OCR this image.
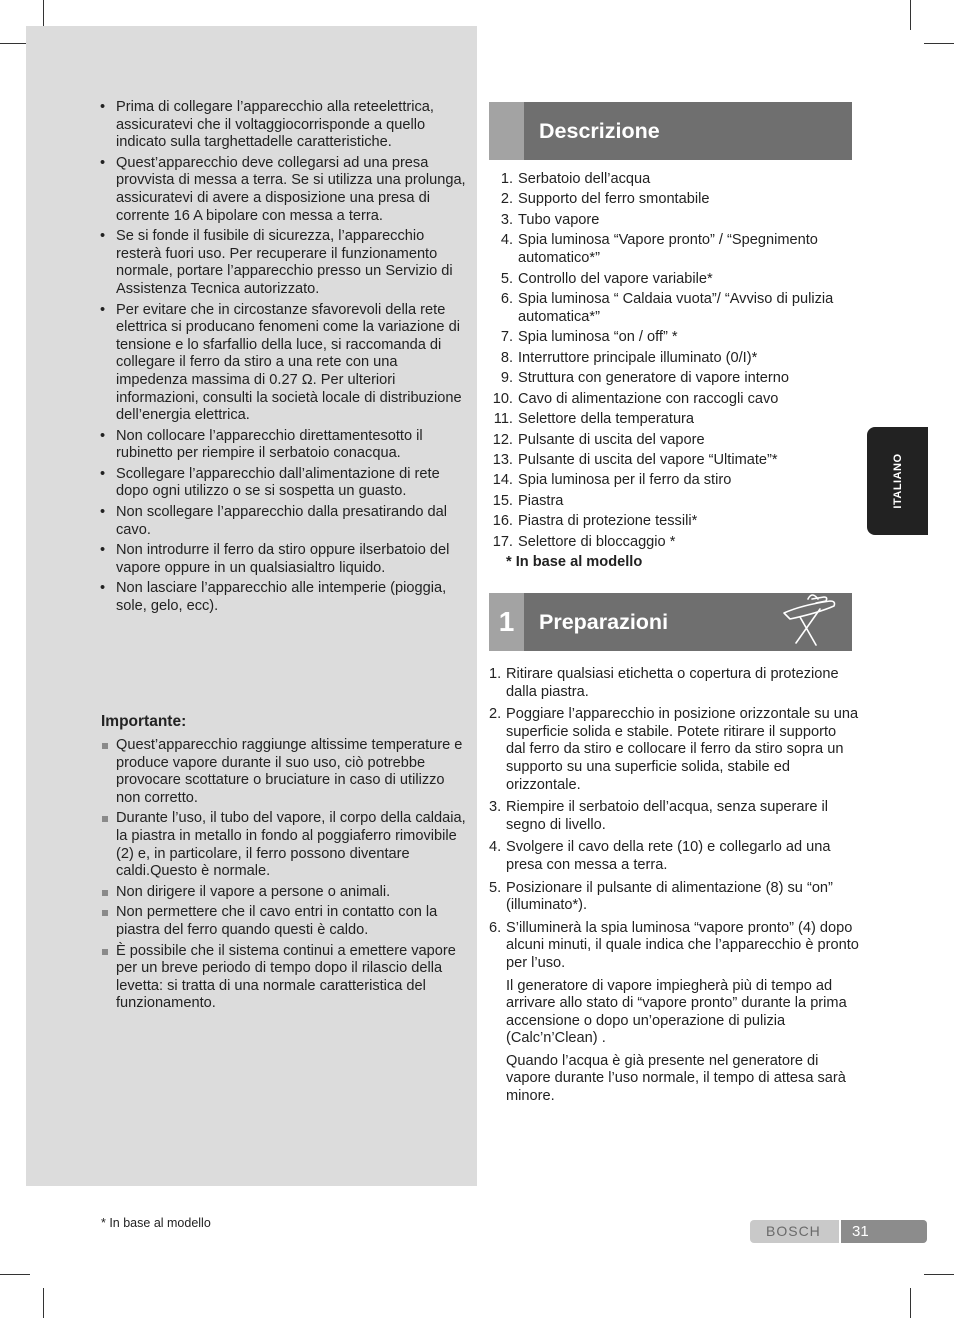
• Prima di collegare l’apparecchio alla reteelettrica, assicuratevi che il voltaggiocorrisponde a quello indicato sulla targhettadelle caratteristiche.
• Quest’apparecchio deve collegarsi ad una presa provvista di messa a terra. Se si utilizza una prolunga, assicuratevi di avere a disposizione una presa di corrente 16 A bipolare con messa a terra.
• Se si fonde il fusibile di sicurezza, l’apparecchio resterà fuori uso. Per recuperare il funzionamento normale, portare l’apparecchio presso un Servizio di Assistenza Tecnica autorizzato.
• Per evitare che in circostanze sfavorevoli della rete elettrica si producano fenomeni come la variazione di tensione e lo sfarfallio della luce, si raccomanda di collegare il ferro da stiro a una rete con una impedenza massima di 0.27 Ω. Per ulteriori informazioni, consulti la società locale di distribuzione dell’energia elettrica.
• Non collocare l’apparecchio direttamentesotto il rubinetto per riempire il serbatoio conacqua.
• Scollegare l’apparecchio dall’alimentazione di rete dopo ogni utilizzo o se si sospetta un guasto.
• Non scollegare l’apparecchio dalla presatirando dal cavo.
• Non introdurre il ferro da stiro oppure ilserbatoio del vapore oppure in un qualsiasialtro liquido.
• Non lasciare l’apparecchio alle intemperie (pioggia, sole, gelo, ecc).
Importante:
Quest’apparecchio raggiunge altissime temperature e produce vapore durante il suo uso, ciò potrebbe provocare scottature o bruciature in caso di utilizzo non corretto.
Durante l’uso, il tubo del vapore, il corpo della caldaia, la piastra in metallo in fondo al poggiaferro rimovibile (2) e, in particolare, il ferro possono diventare caldi.Questo è normale.
Non dirigere il vapore a persone o animali.
Non permettere che il cavo entri in contatto con la piastra del ferro quando questi è caldo.
È possibile che il sistema continui a emettere vapore per un breve periodo di tempo dopo il rilascio della levetta: si tratta di una normale caratteristica del funzionamento.
* In base al modello
Descrizione
1. Serbatoio dell’acqua
2. Supporto del ferro smontabile
3. Tubo vapore
4. Spia luminosa “Vapore pronto” / “Spegnimento automatico*”
5. Controllo del vapore variabile*
6. Spia luminosa “ Caldaia vuota”/ “Avviso di pulizia automatica*”
7. Spia luminosa “on / off” *
8. Interruttore principale illuminato (0/I)*
9. Struttura con generatore di vapore interno
10. Cavo di alimentazione con raccogli cavo
11. Selettore della temperatura
12. Pulsante di uscita del vapore
13. Pulsante di uscita del vapore “Ultimate”*
14. Spia luminosa per il ferro da stiro
15. Piastra
16. Piastra di protezione tessili*
17. Selettore di bloccaggio *
* In base al modello
1	Preparazioni
1. Ritirare qualsiasi etichetta o copertura di protezione dalla piastra.
2. Poggiare l’apparecchio in posizione orizzontale su una superficie solida e stabile. Potete ritirare il supporto dal ferro da stiro e collocare il ferro da stiro sopra un supporto su una superficie solida, stabile ed orizzontale.
3. Riempire il serbatoio dell’acqua, senza superare il segno di livello.
4. Svolgere il cavo della rete (10) e collegarlo ad una presa con messa a terra.
5. Posizionare il pulsante di alimentazione (8) su “on” (illuminato*).
6. S’illuminerà la spia luminosa “vapore pronto” (4) dopo alcuni minuti, il quale indica che l’apparecchio è pronto per l’uso.

Il generatore di vapore impiegherà più di tempo ad arrivare allo stato di “vapore pronto” durante la prima accensione o dopo un’operazione di pulizia (Calc’n’Clean) .

Quando l’acqua è già presente nel generatore di vapore durante l’uso normale, il tempo di attesa sarà minore.

ITALIANO
BOSCH	31
